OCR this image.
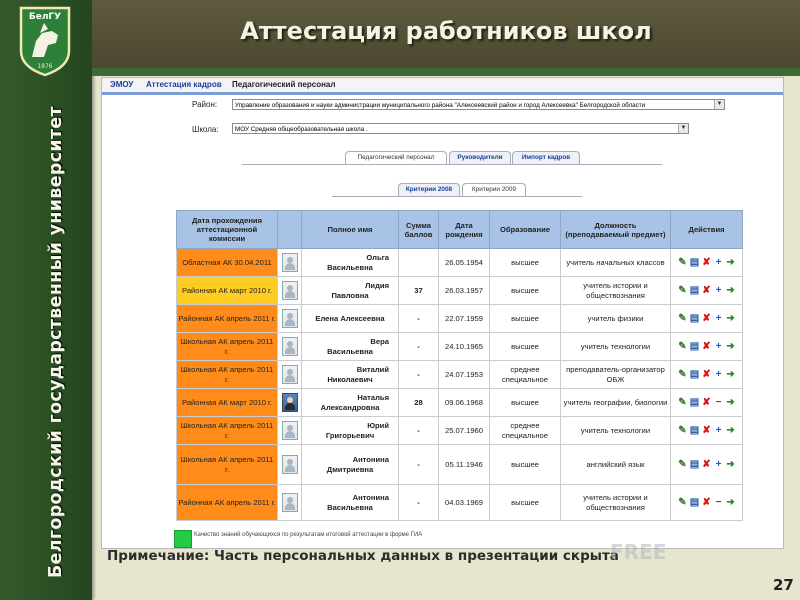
БелГУ
1876
Белгородский государственный университет
Аттестация работников школ
ЭМОУ Аттестация кадров Педагогический персонал
Район:	Управление образования и науки администрации муниципального района "Алексеевский район и город Алексеевка" Белгородской области	▼
Школа:	МОУ Средняя общеобразовательная школа .	▼
Педагогический персонал	Руководители	Импорт кадров
Критерии 2008	Критерии 2009
Дата прохождения аттестационной комиссии		Полное имя	Сумма баллов	Дата рождения	Образование	Должность (преподаваемый предмет)	Действия
Областная АК 30.04.2011		Ольга
Васильевна		26.05.1954	высшее	учитель начальных классов	✎ ▤ ✘ + ➜
Районная АК март 2010 г.		Лидия
Павловна	37	26.03.1957	высшее	учитель истории и обществознания	✎ ▤ ✘ + ➜
Районная АК апрель 2011 г.		Елена Алексеевна	-	22.07.1959	высшее	учитель физики	✎ ▤ ✘ + ➜
Школьная АК апрель 2011 г.		Вера
Васильевна	-	24.10.1965	высшее	учитель технологии	✎ ▤ ✘ + ➜
Школьная АК апрель 2011 г.		Виталий
Николаевич	-	24.07.1953	среднее специальное	преподаватель-организатор ОБЖ	✎ ▤ ✘ + ➜
Районная АК март 2010 г.		Наталья
Александровна	28	09.06.1968	высшее	учитель географии, биологии	✎ ▤ ✘ − ➜
Школьная АК апрель 2011 г.		Юрий
Григорьевич	-	25.07.1960	среднее специальное	учитель технологии	✎ ▤ ✘ + ➜
Школьная АК апрель 2011 г.		Антонина
Дмитриевна	-	05.11.1946	высшее	английский язык	✎ ▤ ✘ + ➜
Районная АК апрель 2011 г.		Антонина
Васильевна	-	04.03.1969	высшее	учитель истории и обществознания	✎ ▤ ✘ − ➜
Качество знаний обучающихся по результатам итоговой аттестации в форме ГИА
Примечание: Часть персональных данных в презентации скрыта
FREE
27
